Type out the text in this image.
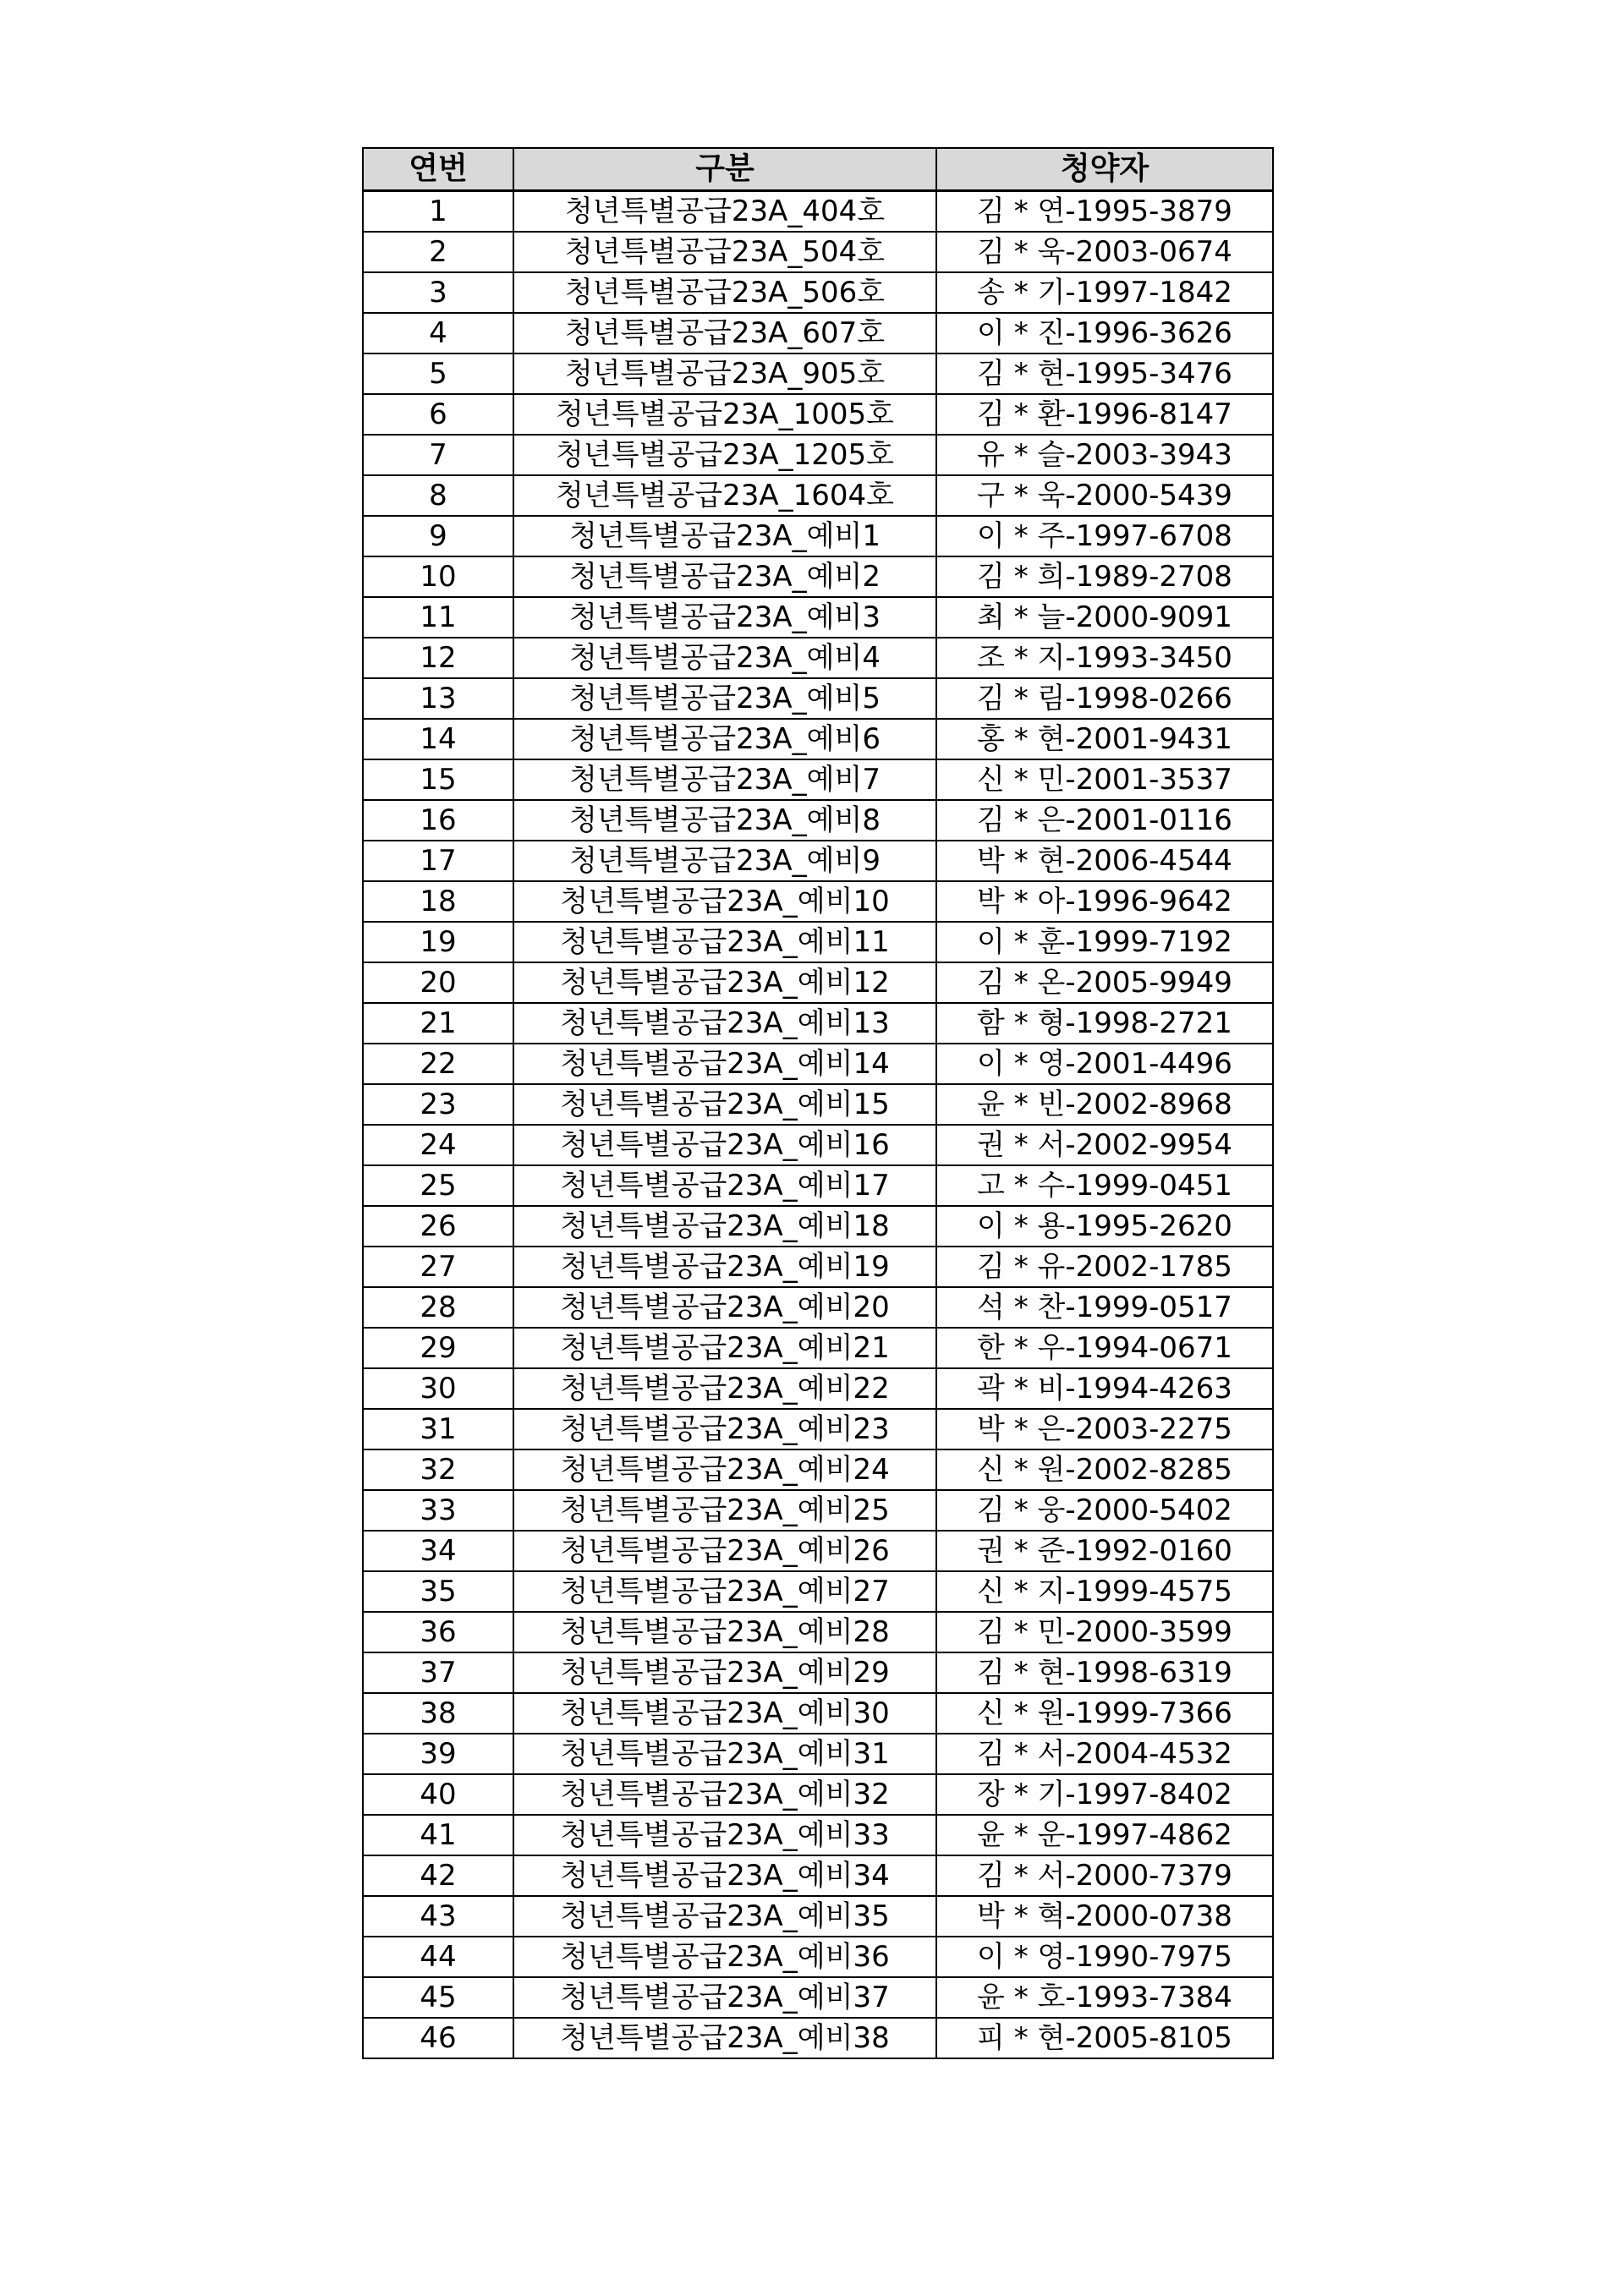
연번	구분	청약자
1	청년특별공급23A_404호	김 * 연-1995-3879
2	청년특별공급23A_504호	김 * 욱-2003-0674
3	청년특별공급23A_506호	송 * 기-1997-1842
4	청년특별공급23A_607호	이 * 진-1996-3626
5	청년특별공급23A_905호	김 * 현-1995-3476
6	청년특별공급23A_1005호	김 * 환-1996-8147
7	청년특별공급23A_1205호	유 * 슬-2003-3943
8	청년특별공급23A_1604호	구 * 욱-2000-5439
9	청년특별공급23A_예비1	이 * 주-1997-6708
10	청년특별공급23A_예비2	김 * 희-1989-2708
11	청년특별공급23A_예비3	최 * 늘-2000-9091
12	청년특별공급23A_예비4	조 * 지-1993-3450
13	청년특별공급23A_예비5	김 * 림-1998-0266
14	청년특별공급23A_예비6	홍 * 현-2001-9431
15	청년특별공급23A_예비7	신 * 민-2001-3537
16	청년특별공급23A_예비8	김 * 은-2001-0116
17	청년특별공급23A_예비9	박 * 현-2006-4544
18	청년특별공급23A_예비10	박 * 아-1996-9642
19	청년특별공급23A_예비11	이 * 훈-1999-7192
20	청년특별공급23A_예비12	김 * 온-2005-9949
21	청년특별공급23A_예비13	함 * 형-1998-2721
22	청년특별공급23A_예비14	이 * 영-2001-4496
23	청년특별공급23A_예비15	윤 * 빈-2002-8968
24	청년특별공급23A_예비16	권 * 서-2002-9954
25	청년특별공급23A_예비17	고 * 수-1999-0451
26	청년특별공급23A_예비18	이 * 용-1995-2620
27	청년특별공급23A_예비19	김 * 유-2002-1785
28	청년특별공급23A_예비20	석 * 찬-1999-0517
29	청년특별공급23A_예비21	한 * 우-1994-0671
30	청년특별공급23A_예비22	곽 * 비-1994-4263
31	청년특별공급23A_예비23	박 * 은-2003-2275
32	청년특별공급23A_예비24	신 * 원-2002-8285
33	청년특별공급23A_예비25	김 * 웅-2000-5402
34	청년특별공급23A_예비26	권 * 준-1992-0160
35	청년특별공급23A_예비27	신 * 지-1999-4575
36	청년특별공급23A_예비28	김 * 민-2000-3599
37	청년특별공급23A_예비29	김 * 현-1998-6319
38	청년특별공급23A_예비30	신 * 원-1999-7366
39	청년특별공급23A_예비31	김 * 서-2004-4532
40	청년특별공급23A_예비32	장 * 기-1997-8402
41	청년특별공급23A_예비33	윤 * 운-1997-4862
42	청년특별공급23A_예비34	김 * 서-2000-7379
43	청년특별공급23A_예비35	박 * 혁-2000-0738
44	청년특별공급23A_예비36	이 * 영-1990-7975
45	청년특별공급23A_예비37	윤 * 호-1993-7384
46	청년특별공급23A_예비38	피 * 현-2005-8105
